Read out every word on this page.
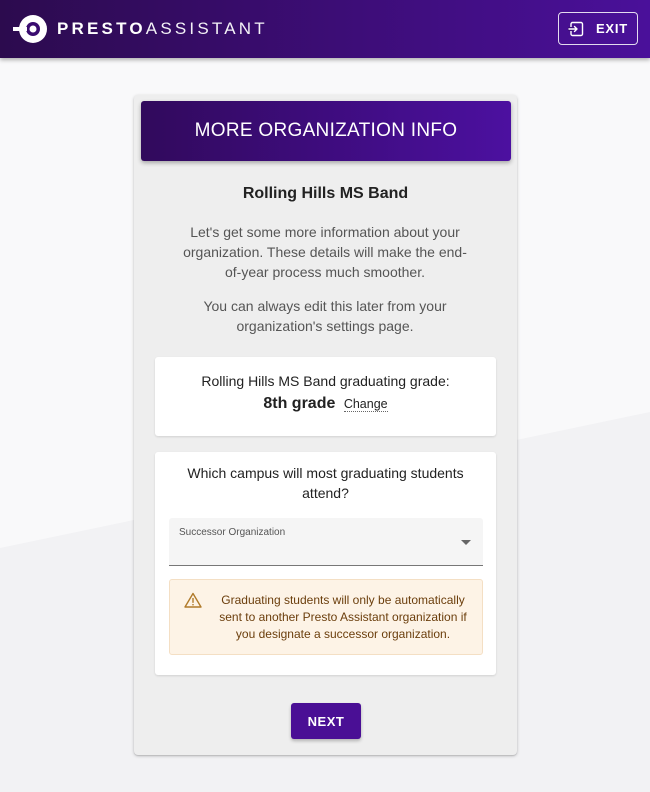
PRESTO ASSISTANT	EXIT
MORE ORGANIZATION INFO
Rolling Hills MS Band

Let's get some more information about your organization. These details will make the end-of-year process much smoother.

You can always edit this later from your organization's settings page.

Rolling Hills MS Band graduating grade:
8th grade Change
Which campus will most graduating students attend?
Successor Organization
Graduating students will only be automatically sent to another Presto Assistant organization if you designate a successor organization.
NEXT
